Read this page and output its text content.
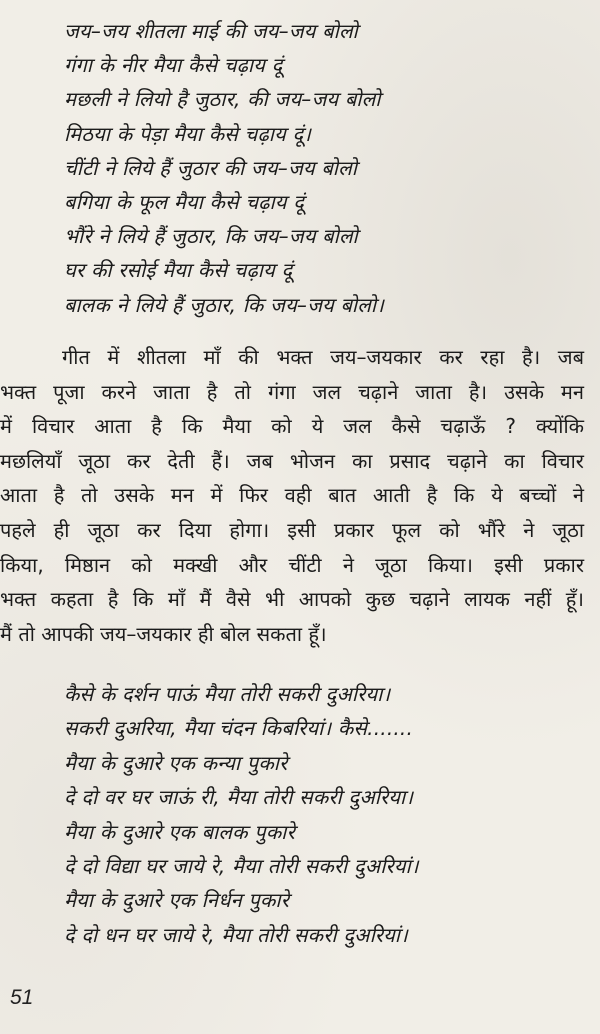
जय–जय शीतला माई की जय–जय बोलो
गंगा के नीर मैया कैसे चढ़ाय दूं
मछली ने लियो है जुठार, की जय–जय बोलो
मिठया के पेड़ा मैया कैसे चढ़ाय दूं।
चींटी ने लिये हैं जुठार की जय–जय बोलो
बगिया के फूल मैया कैसे चढ़ाय दूं
भौंरे ने लिये हैं जुठार, कि जय–जय बोलो
घर की रसोई मैया कैसे चढ़ाय दूं
बालक ने लिये हैं जुठार, कि जय–जय बोलो।
गीत में शीतला माँ की भक्त जय–जयकार कर रहा है। जब
भक्त पूजा करने जाता है तो गंगा जल चढ़ाने जाता है। उसके मन
में विचार आता है कि मैया को ये जल कैसे चढ़ाऊँ ? क्योंकि
मछलियाँ जूठा कर देती हैं। जब भोजन का प्रसाद चढ़ाने का विचार
आता है तो उसके मन में फिर वही बात आती है कि ये बच्चों ने
पहले ही जूठा कर दिया होगा। इसी प्रकार फूल को भौंरे ने जूठा
किया, मिष्ठान को मक्खी और चींटी ने जूठा किया। इसी प्रकार
भक्त कहता है कि माँ मैं वैसे भी आपको कुछ चढ़ाने लायक नहीं हूँ।
मैं तो आपकी जय–जयकार ही बोल सकता हूँ।
कैसे के दर्शन पाऊं मैया तोरी सकरी दुअरिया।
सकरी दुअरिया, मैया चंदन किबरियां। कैसे.......
मैया के दुआरे एक कन्या पुकारे
दे दो वर घर जाऊं री, मैया तोरी सकरी दुअरिया।
मैया के दुआरे एक बालक पुकारे
दे दो विद्या घर जाये रे, मैया तोरी सकरी दुअरियां।
मैया के दुआरे एक निर्धन पुकारे
दे दो धन घर जाये रे, मैया तोरी सकरी दुअरियां।
51
